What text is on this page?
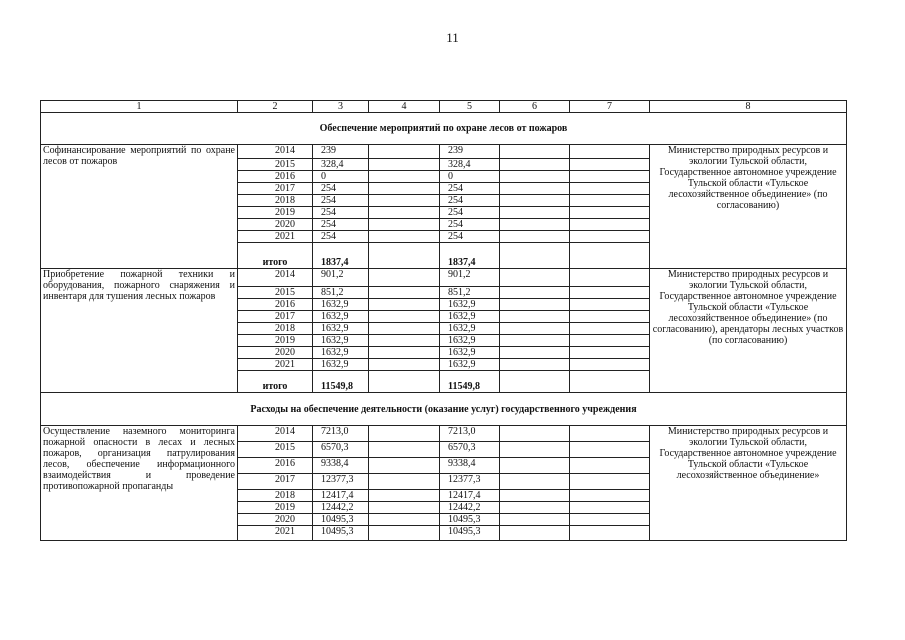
11
1	2	3	4	5	6	7	8
Обеспечение мероприятий по охране лесов от пожаров							
Софинансирование мероприятий по охране лесов от пожаров	2014	239		239			Министерство природных ресурсов и экологии Тульской области, Государственное автономное учреждение Тульской области «Тульское лесохозяйственное объединение» (по согласованию)
	2015	328,4		328,4			
	2016	0		0			
	2017	254		254			
	2018	254		254			
	2019	254		254			
	2020	254		254			
	2021	254		254			
	итого	1837,4		1837,4			
Приобретение пожарной техники и оборудования, пожарного снаряжения и инвентаря для тушения лесных пожаров	2014	901,2		901,2			Министерство природных ресурсов и экологии Тульской области, Государственное автономное учреждение Тульской области «Тульское лесохозяйственное объединение» (по согласованию), арендаторы лесных участков (по согласованию)
	2015	851,2		851,2			
	2016	1632,9		1632,9			
	2017	1632,9		1632,9			
	2018	1632,9		1632,9			
	2019	1632,9		1632,9			
	2020	1632,9		1632,9			
	2021	1632,9		1632,9			
	итого	11549,8		11549,8			
Расходы на обеспечение деятельности (оказание услуг) государственного учреждения							
Осуществление наземного мониторинга пожарной опасности в лесах и лесных пожаров, организация патрулирования лесов, обеспечение информационного взаимодействия и проведение противопожарной пропаганды	2014	7213,0		7213,0			Министерство природных ресурсов и экологии Тульской области, Государственное автономное учреждение Тульской области «Тульское лесохозяйственное объединение»
	2015	6570,3		6570,3			
	2016	9338,4		9338,4			
	2017	12377,3		12377,3			
	2018	12417,4		12417,4			
	2019	12442,2		12442,2			
	2020	10495,3		10495,3			
	2021	10495,3		10495,3			
